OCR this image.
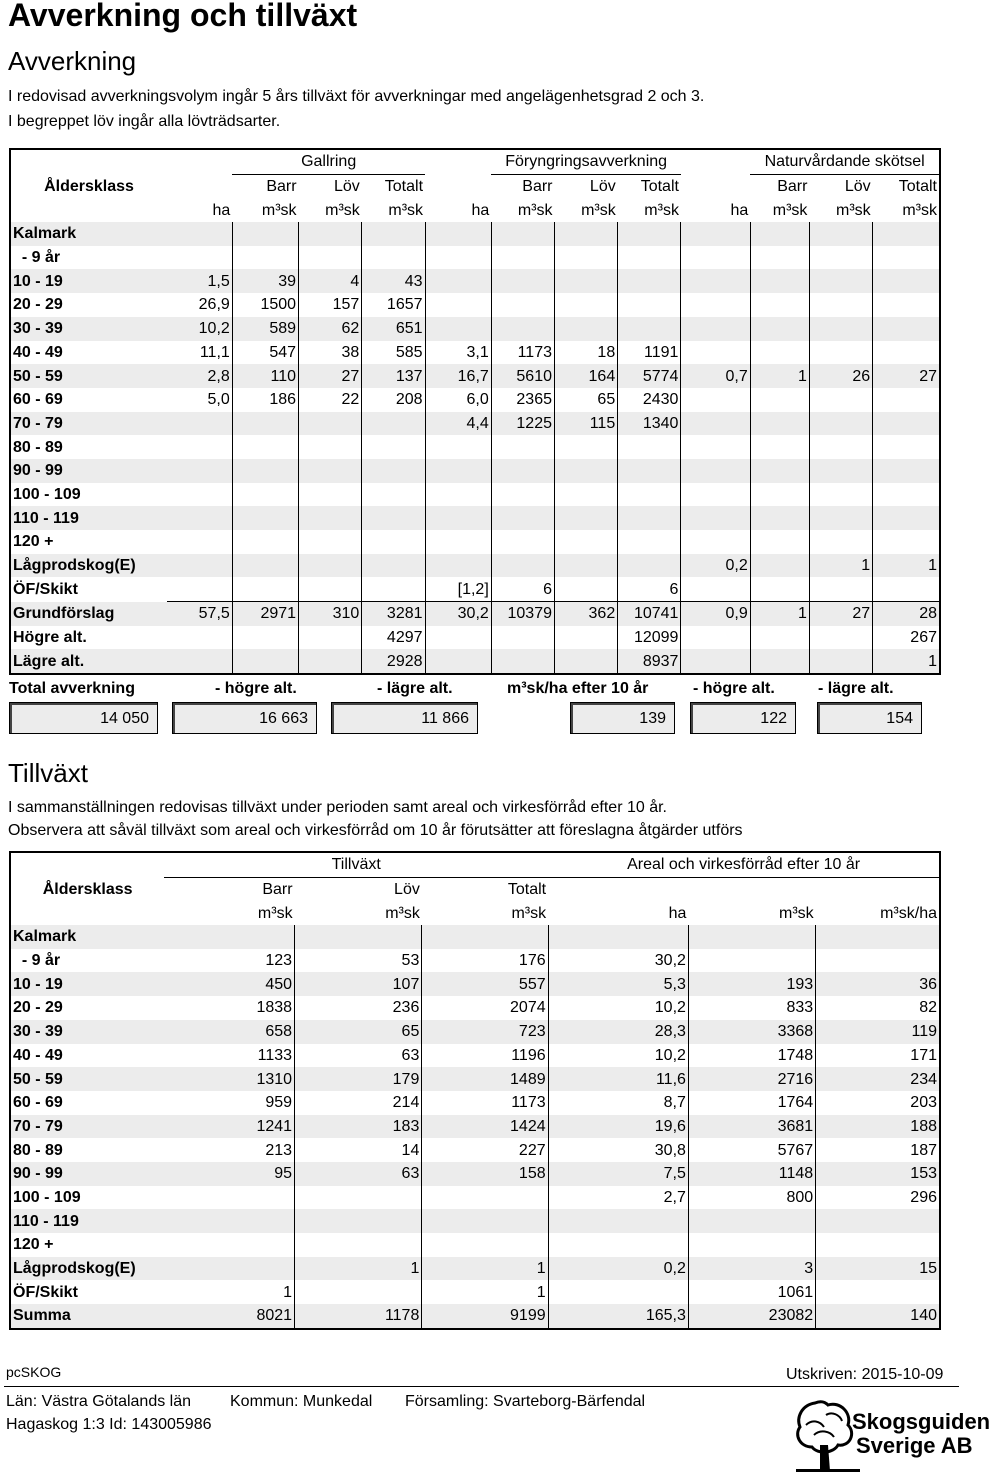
Avverkning och tillväxt
Avverkning
I redovisad avverkningsvolym ingår 5 års tillväxt för avverkningar med angelägenhetsgrad 2 och 3.
I begreppet löv ingår alla lövträdsarter.
		Gallring				Föryngringsavverkning				Naturvårdande skötsel		
Åldersklass		Barr	Löv	Totalt		Barr	Löv	Totalt		Barr	Löv	Totalt
	ha	m³sk	m³sk	m³sk	ha	m³sk	m³sk	m³sk	ha	m³sk	m³sk	m³sk
Kalmark												
- 9 år												
10 - 19	1,5	39	4	43								
20 - 29	26,9	1500	157	1657								
30 - 39	10,2	589	62	651								
40 - 49	11,1	547	38	585	3,1	1173	18	1191				
50 - 59	2,8	110	27	137	16,7	5610	164	5774	0,7	1	26	27
60 - 69	5,0	186	22	208	6,0	2365	65	2430				
70 - 79					4,4	1225	115	1340				
80 - 89												
90 - 99												
100 - 109												
110 - 119												
120 +												
Lågprodskog(E)									0,2		1	1
ÖF/Skikt					[1,2]	6		6				
Grundförslag	57,5	2971	310	3281	30,2	10379	362	10741	0,9	1	27	28
Högre alt.				4297				12099				267
Lägre alt.				2928				8937				1
Total avverkning	- högre alt.	- lägre alt.	m³sk/ha efter 10 år	- högre alt.	- lägre alt.
14 050	16 663	11 866	139	122	154
Tillväxt
I sammanställningen redovisas tillväxt under perioden samt areal och virkesförråd efter 10 år.
Observera att såväl tillväxt som areal och virkesförråd om 10 år förutsätter att föreslagna åtgärder utförs
	Tillväxt			Areal och virkesförråd efter 10 år		
Åldersklass	Barr	Löv	Totalt			
	m³sk	m³sk	m³sk	ha	m³sk	m³sk/ha
Kalmark						
- 9 år	123	53	176	30,2		
10 - 19	450	107	557	5,3	193	36
20 - 29	1838	236	2074	10,2	833	82
30 - 39	658	65	723	28,3	3368	119
40 - 49	1133	63	1196	10,2	1748	171
50 - 59	1310	179	1489	11,6	2716	234
60 - 69	959	214	1173	8,7	1764	203
70 - 79	1241	183	1424	19,6	3681	188
80 - 89	213	14	227	30,8	5767	187
90 - 99	95	63	158	7,5	1148	153
100 - 109				2,7	800	296
110 - 119						
120 +						
Lågprodskog(E)		1	1	0,2	3	15
ÖF/Skikt	1		1		1061	
Summa	8021	1178	9199	165,3	23082	140
pcSKOG	Utskriven: 2015-10-09
Län: Västra Götalands län Kommun: Munkedal Församling: Svarteborg-Bärfendal
Hagaskog 1:3 Id: 143005986	Skogsguiden
Sverige AB
